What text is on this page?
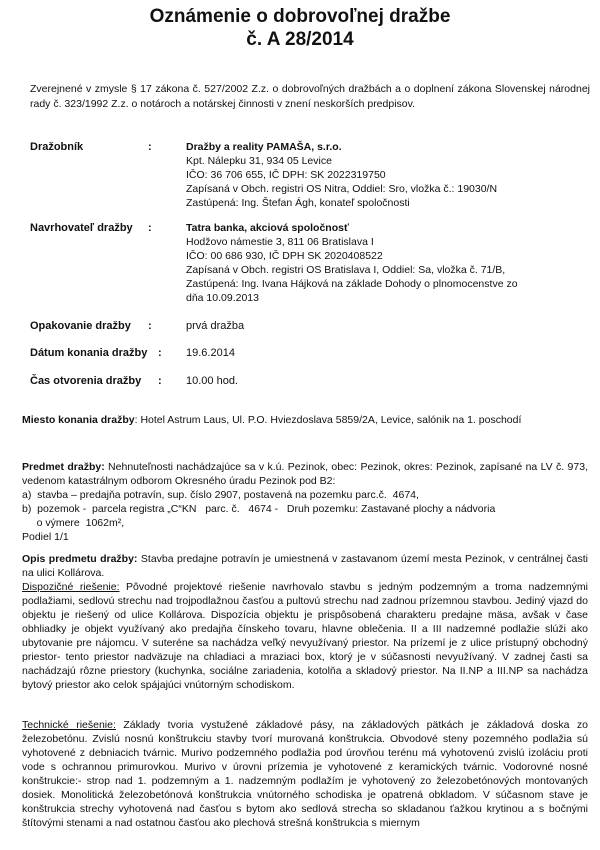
Oznámenie o dobrovoľnej dražbe
č. A 28/2014
Zverejnené v zmysle § 17 zákona č. 527/2002 Z.z. o dobrovoľných dražbách a o doplnení zákona Slovenskej národnej rady č. 323/1992 Z.z. o notároch a notárskej činnosti v znení neskorších predpisov.
Dražobník	:	Dražby a reality PAMAŠA, s.r.o.
Kpt. Nálepku 31, 934 05 Levice
IČO: 36 706 655, IČ DPH: SK 2022319750
Zapísaná v Obch. registri OS Nitra, Oddiel: Sro, vložka č.: 19030/N
Zastúpená: Ing. Štefan Ágh, konateľ spoločnosti
Navrhovateľ dražby :	Tatra banka, akciová spoločnosť
Hodžovo námestie 3, 811 06 Bratislava I
IČO: 00 686 930, IČ DPH SK 2020408522
Zapísaná v Obch. registri OS Bratislava I, Oddiel: Sa, vložka č. 71/B,
Zastúpená: Ing. Ivana Hájková na základe Dohody o plnomocenstve zo
dňa 10.09.2013
Opakovanie dražby :	prvá dražba
Dátum konania dražby : 19.6.2014
Čas otvorenia dražby : 10.00 hod.
Miesto konania dražby: Hotel Astrum Laus, Ul. P.O. Hviezdoslava 5859/2A, Levice, salónik na 1. poschodí
Predmet dražby: Nehnuteľnosti nachádzajúce sa v k.ú. Pezinok, obec: Pezinok, okres: Pezinok, zapísané na LV č. 973, vedenom katastrálnym odborom Okresného úradu Pezinok pod B2:
a)  stavba – predajňa potravín, sup. číslo 2907, postavená na pozemku parc.č.  4674,
b)  pozemok -  parcela registra „C“KN   parc. č.   4674 -   Druh pozemku: Zastavané plochy a nádvoria
o výmere  1062m²,
Podiel 1/1
Opis predmetu dražby: Stavba predajne potravín je umiestnená v zastavanom území mesta Pezinok, v centrálnej časti na ulici Kollárova.
Dispozičné riešenie: Pôvodné projektové riešenie navrhovalo stavbu s jedným podzemným a troma nadzemnými podlažiami, sedlovú strechu nad trojpodlažnou časťou a pultovú strechu nad zadnou prízemnou stavbou. Jediný vjazd do objektu je riešený od ulice Kollárova. Dispozícia objektu je prispôsobená charakteru predajne mäsa, avšak v čase obhliadky je objekt využívaný ako predajňa čínskeho tovaru, hlavne oblečenia. II a III nadzemné podlažie slúži ako ubytovanie pre nájomcu. V suteréne sa nachádza veľký nevyužívaný priestor. Na prízemí je z ulice prístupný obchodný priestor- tento priestor nadväzuje na chladiaci a mraziaci box, ktorý je v súčasnosti nevyužívaný. V zadnej časti sa nachádzajú rôzne priestory (kuchynka, sociálne zariadenia, kotolňa a skladový priestor. Na II.NP a III.NP sa nachádza bytový priestor ako celok spájajúci vnútorným schodiskom.
Technické riešenie: Základy tvoria vystužené základové pásy, na základových pätkách je základová doska zo železobetónu. Zvislú nosnú konštrukciu stavby tvorí murovaná konštrukcia. Obvodové steny pozemného podlažia sú vyhotovené z debniacich tvárnic. Murivo podzemného podlažia pod úrovňou terénu má vyhotovenú zvislú izoláciu proti vode s ochrannou primurovkou. Murivo v úrovni prízemia je vyhotovené z keramických tvárnic. Vodorovné nosné konštrukcie:- strop nad 1. podzemným a 1. nadzemným podlažím je vyhotovený zo železobetónových montovaných dosiek. Monolitická železobetónová konštrukcia vnútorného schodiska je opatrená obkladom. V súčasnom stave je konštrukcia strechy vyhotovená nad časťou s bytom ako sedlová strecha so skladanou ťažkou krytinou a s bočnými štítovými stenami a nad ostatnou časťou ako plechová strešná konštrukcia s miernym
